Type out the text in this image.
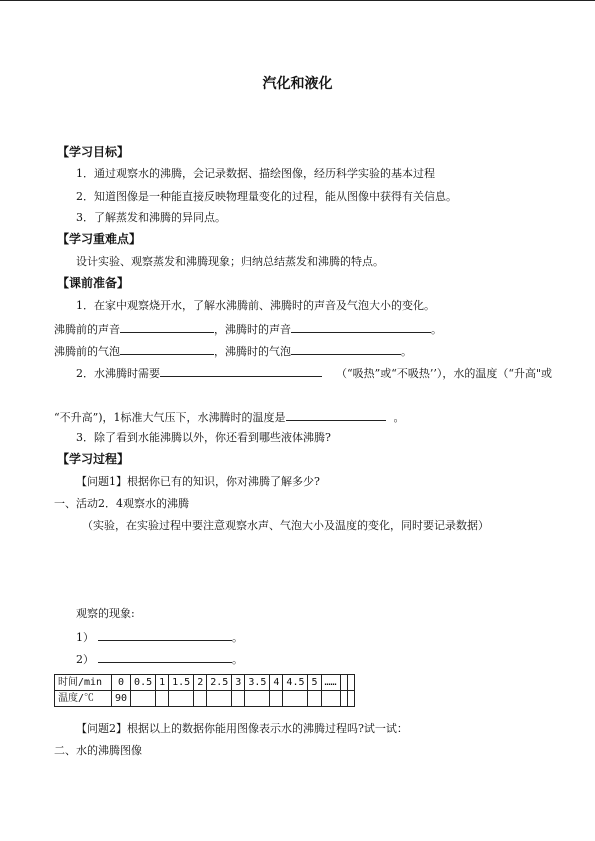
汽化和液化
【学习目标】
1．通过观察水的沸腾，会记录数据、描绘图像，经历科学实验的基本过程
2．知道图像是一种能直接反映物理量变化的过程，能从图像中获得有关信息。
3．了解蒸发和沸腾的异同点。
【学习重难点】
设计实验、观察蒸发和沸腾现象；归纳总结蒸发和沸腾的特点。
【课前准备】
1．在家中观察烧开水，了解水沸腾前、沸腾时的声音及气泡大小的变化。
沸腾前的声音	，沸腾时的声音	。
沸腾前的气泡	，沸腾时的气泡	。
2．水沸腾时需要	（“吸热”或“不吸热’’），水的温度（“升高"或
“不升高”)，1标准大气压下，水沸腾时的温度是	。
3．除了看到水能沸腾以外，你还看到哪些液体沸腾?
【学习过程】
【问题1】根据你已有的知识，你对沸腾了解多少?
一、活动2．4观察水的沸腾
（实验，在实验过程中要注意观察水声、气泡大小及温度的变化，同时要记录数据）
观察的现象:
1）	。
2）	。
时间/min	0	0.5	1	1.5	2	2.5	3	3.5	4	4.5	5	……		
温度/℃	90													
【问题2】根据以上的数据你能用图像表示水的沸腾过程吗?试一试：
二、水的沸腾图像
